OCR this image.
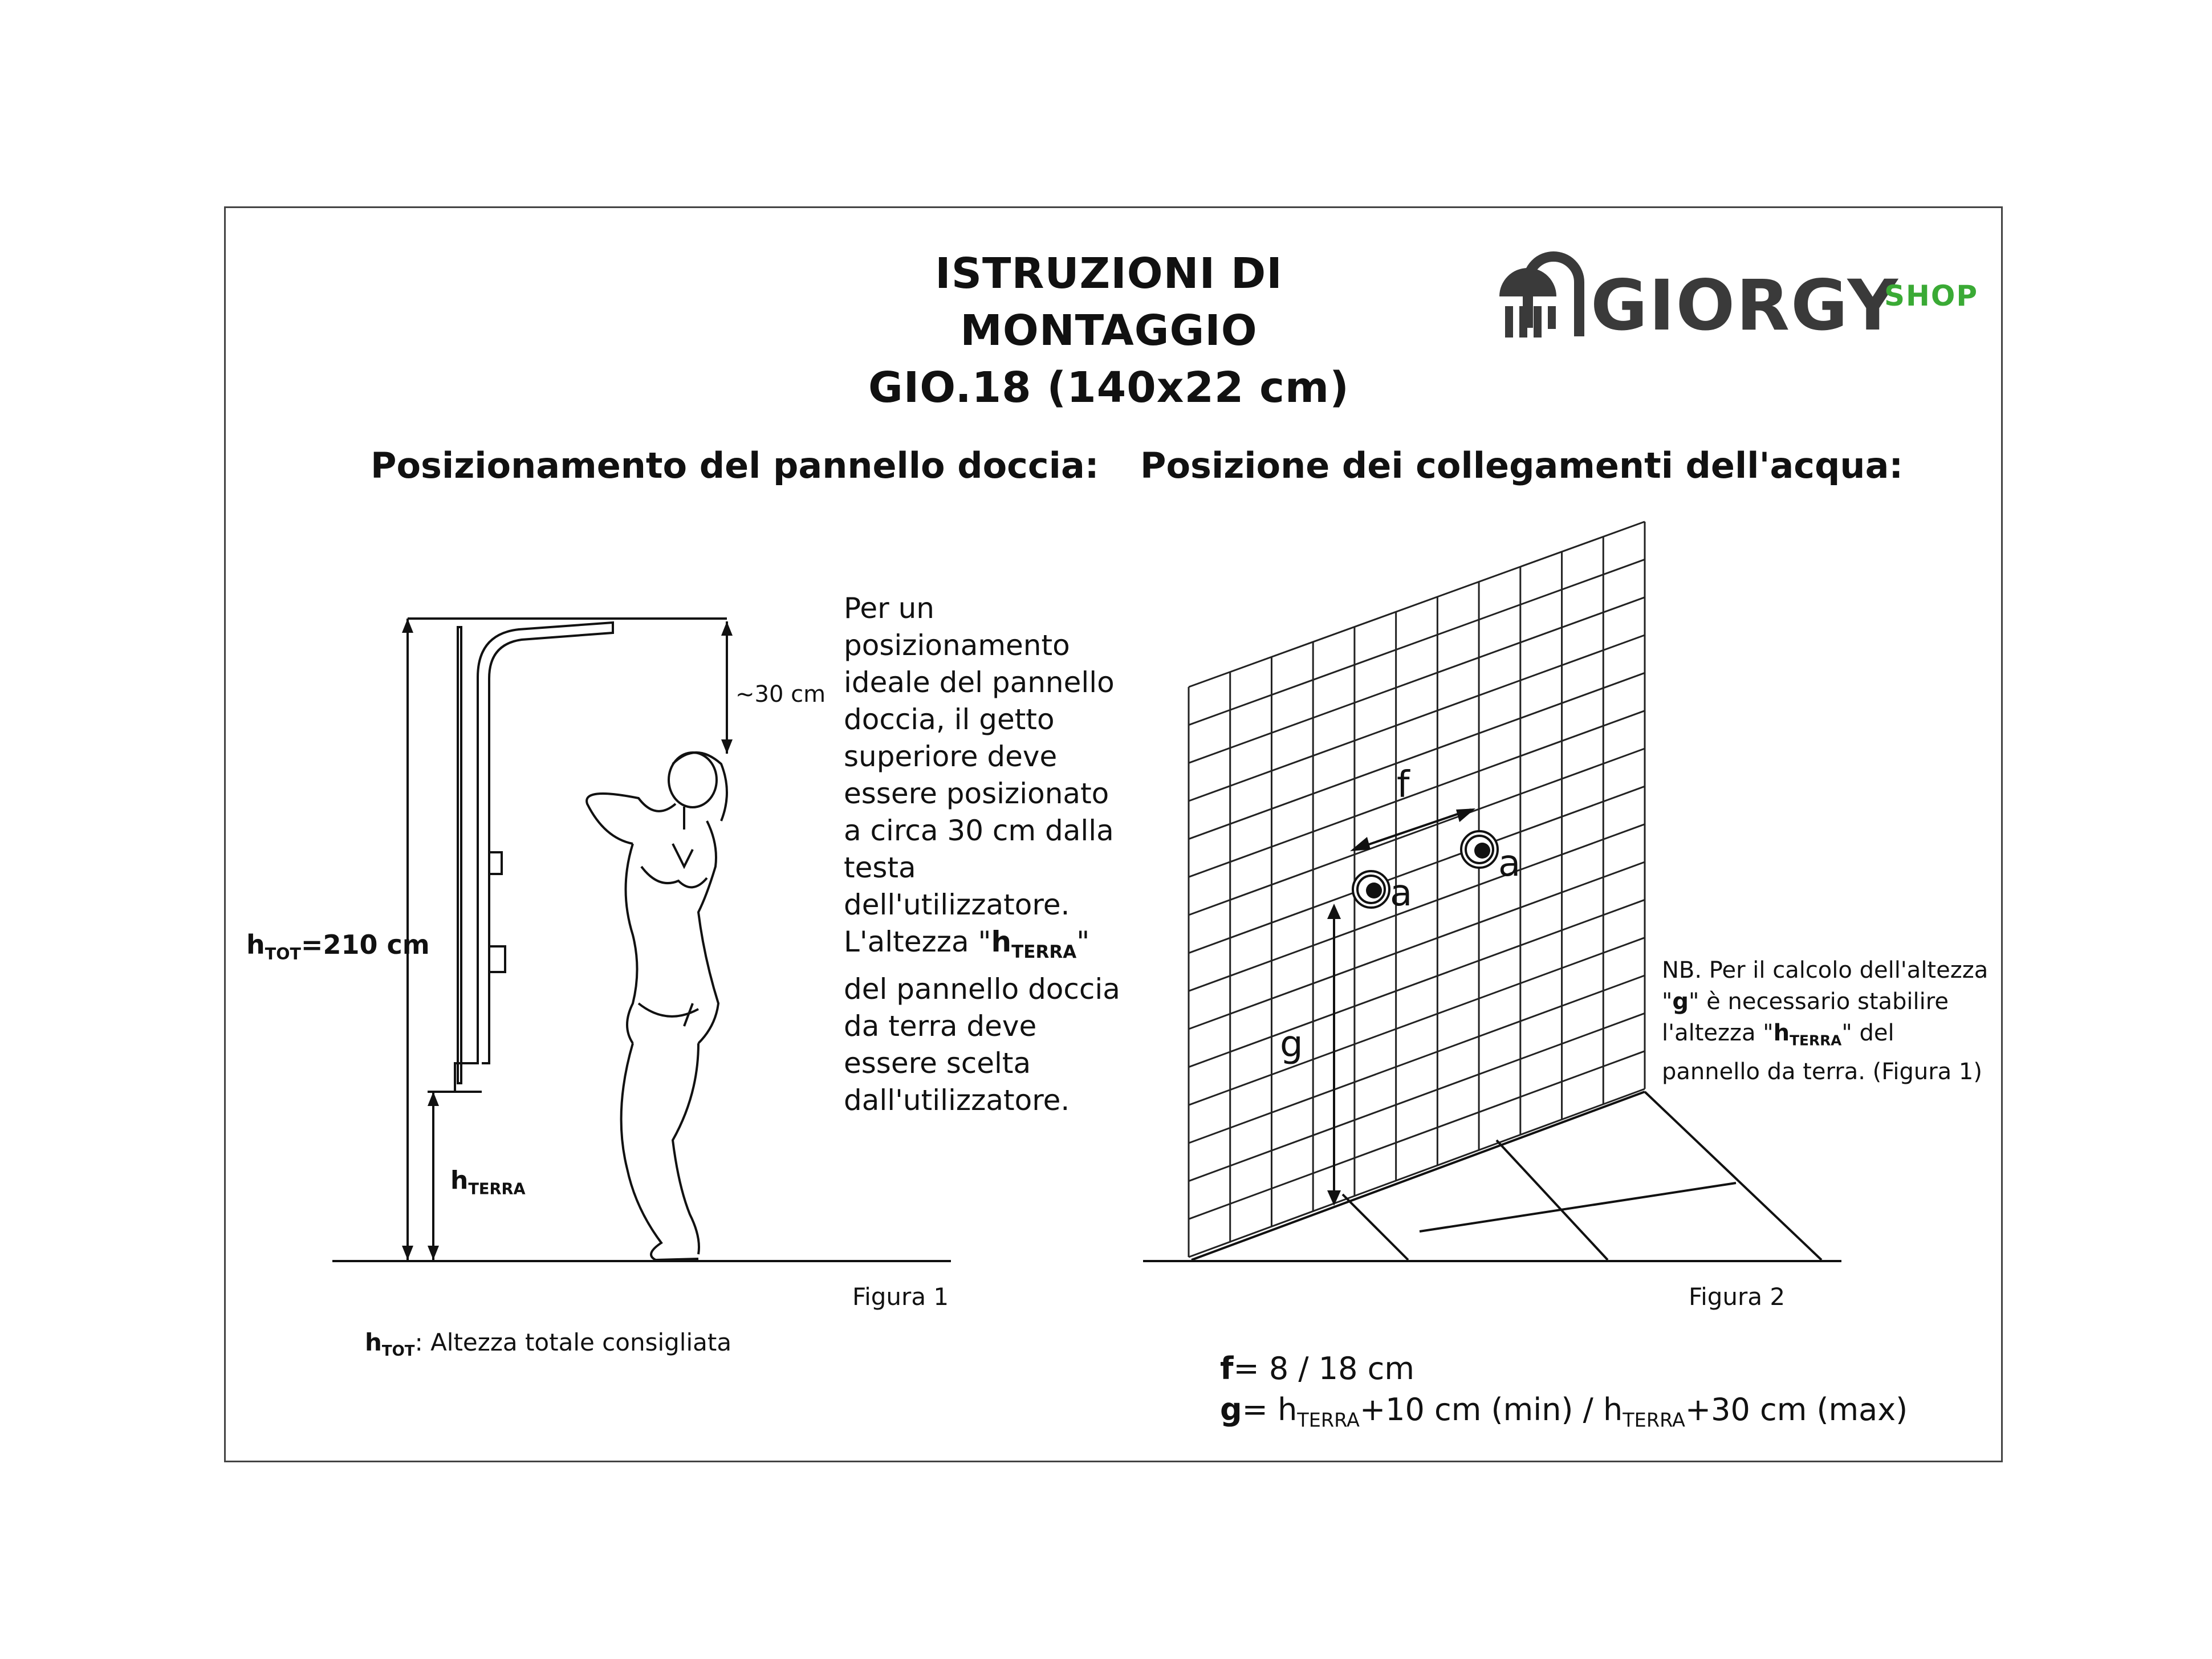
ISTRUZIONI DI MONTAGGIO
GIO.18 (140x22 cm)
GIORGY
SHOP
Posizionamento del pannello doccia: Posizione dei collegamenti dell'acqua:
~30 cm
$h_{TOT}=210$ cm
$h_{TERRA}$
Per un
posizionamento
ideale del pannello
doccia, il getto
superiore deve
essere posizionato
a circa 30 cm dalla
testa
dell'utilizzatore.
L'altezza "$h_{TERRA}$"
del pannello doccia
da terra deve
essere scelta
dall'utilizzatore.
Figura 1
$h_{TOT}$: Altezza totale consigliata
f
g
a
a
NB. Per il calcolo dell'altezza
"g" è necessario stabilire
l'altezza "$h_{TERRA}$" del
pannello da terra. (Figura 1)
Figura 2
f= 8 / 18 cm
$g= h_{TERRA}+10$ cm $(\min) / h_{TERRA}+30$ cm (max)
